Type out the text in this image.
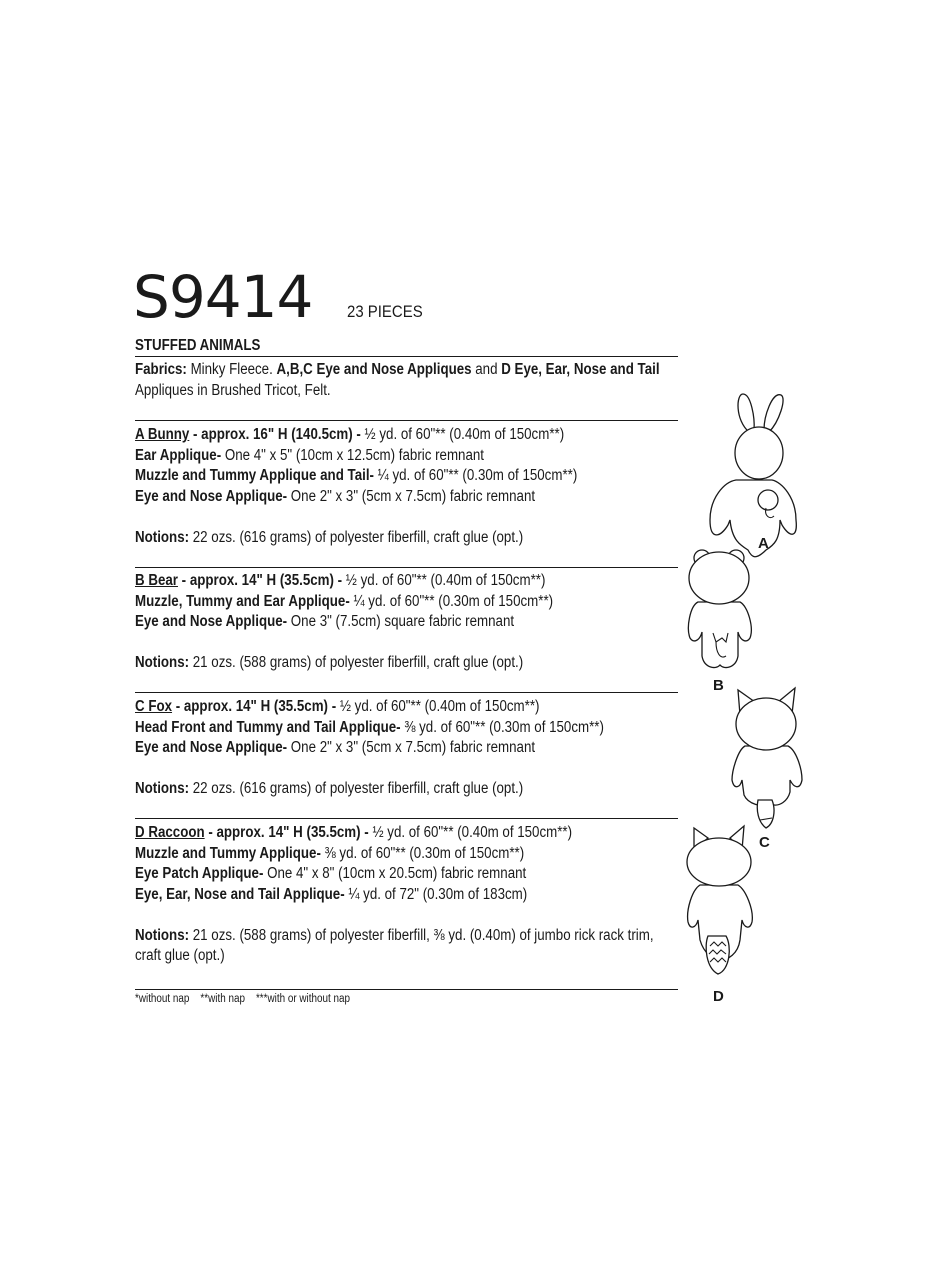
S9414 23 PIECES
STUFFED ANIMALS
Fabrics: Minky Fleece. A,B,C Eye and Nose Appliques and D Eye, Ear, Nose and Tail
Appliques in Brushed Tricot, Felt.
A Bunny - approx. 16" H (140.5cm) - ½ yd. of 60"** (0.40m of 150cm**)
Ear Applique- One 4" x 5" (10cm x 12.5cm) fabric remnant
Muzzle and Tummy Applique and Tail- ¼ yd. of 60"** (0.30m of 150cm**)
Eye and Nose Applique- One 2" x 3" (5cm x 7.5cm) fabric remnant

Notions: 22 ozs. (616 grams) of polyester fiberfill, craft glue (opt.)
B Bear - approx. 14" H (35.5cm) - ½ yd. of 60"** (0.40m of 150cm**)
Muzzle, Tummy and Ear Applique- ¼ yd. of 60"** (0.30m of 150cm**)
Eye and Nose Applique- One 3" (7.5cm) square fabric remnant

Notions: 21 ozs. (588 grams) of polyester fiberfill, craft glue (opt.)
C Fox - approx. 14" H (35.5cm) - ½ yd. of 60"** (0.40m of 150cm**)
Head Front and Tummy and Tail Applique- ⅜ yd. of 60"** (0.30m of 150cm**)
Eye and Nose Applique- One 2" x 3" (5cm x 7.5cm) fabric remnant

Notions: 22 ozs. (616 grams) of polyester fiberfill, craft glue (opt.)
D Raccoon - approx. 14" H (35.5cm) - ½ yd. of 60"** (0.40m of 150cm**)
Muzzle and Tummy Applique- ⅜ yd. of 60"** (0.30m of 150cm**)
Eye Patch Applique- One 4" x 8" (10cm x 20.5cm) fabric remnant
Eye, Ear, Nose and Tail Applique- ¼ yd. of 72" (0.30m of 183cm)

Notions: 21 ozs. (588 grams) of polyester fiberfill, ⅜ yd. (0.40m) of jumbo rick rack trim,
craft glue (opt.)
*without nap    **with nap    ***with or without nap
A
B
C
D
